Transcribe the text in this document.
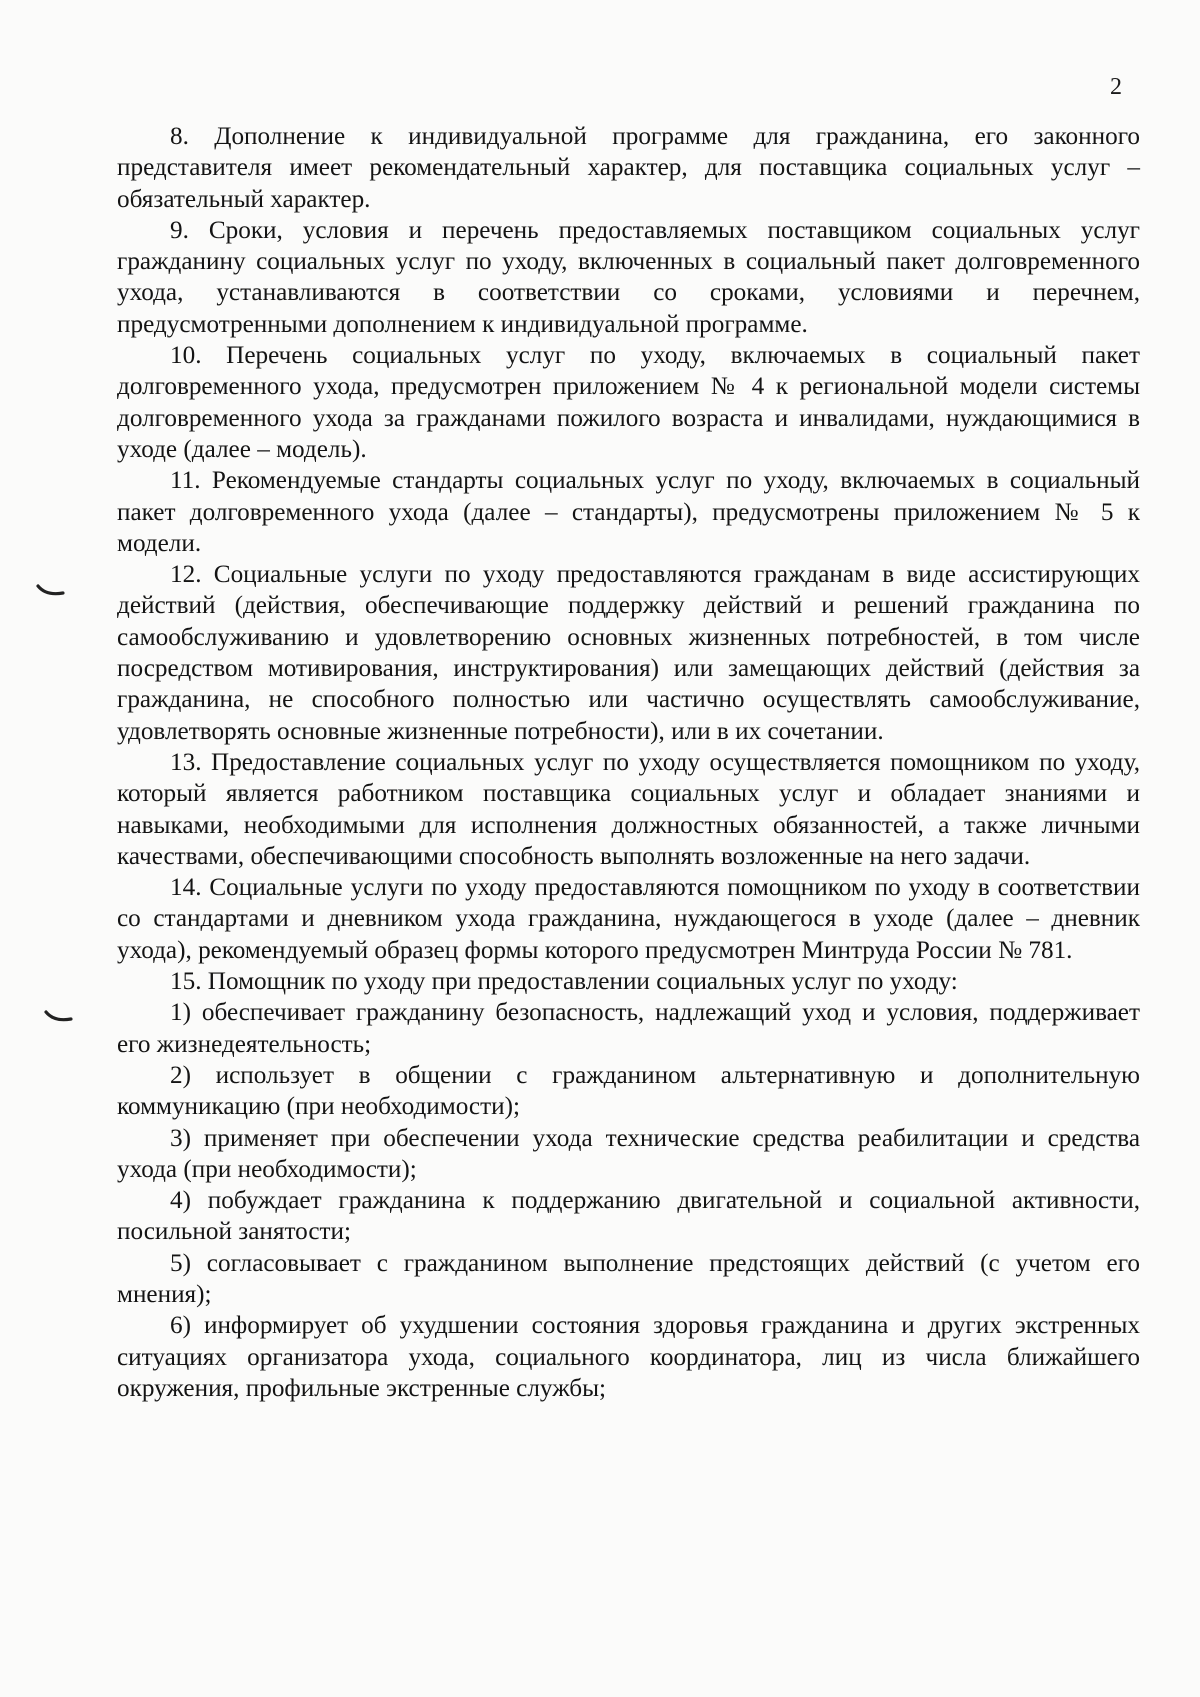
2

8. Дополнение к индивидуальной программе для гражданина, его законного представителя имеет рекомендательный характер, для поставщика социальных услуг – обязательный характер.

9. Сроки, условия и перечень предоставляемых поставщиком социальных услуг гражданину социальных услуг по уходу, включенных в социальный пакет долговременного ухода, устанавливаются в соответствии со сроками, условиями и перечнем, предусмотренными дополнением к индивидуальной программе.

10. Перечень социальных услуг по уходу, включаемых в социальный пакет долговременного ухода, предусмотрен приложением № 4 к региональной модели системы долговременного ухода за гражданами пожилого возраста и инвалидами, нуждающимися в уходе (далее – модель).

11. Рекомендуемые стандарты социальных услуг по уходу, включаемых в социальный пакет долговременного ухода (далее – стандарты), предусмотрены приложением № 5 к модели.

12. Социальные услуги по уходу предоставляются гражданам в виде ассистирующих действий (действия, обеспечивающие поддержку действий и решений гражданина по самообслуживанию и удовлетворению основных жизненных потребностей, в том числе посредством мотивирования, инструктирования) или замещающих действий (действия за гражданина, не способного полностью или частично осуществлять самообслуживание, удовлетворять основные жизненные потребности), или в их сочетании.

13. Предоставление социальных услуг по уходу осуществляется помощником по уходу, который является работником поставщика социальных услуг и обладает знаниями и навыками, необходимыми для исполнения должностных обязанностей, а также личными качествами, обеспечивающими способность выполнять возложенные на него задачи.

14. Социальные услуги по уходу предоставляются помощником по уходу в соответствии со стандартами и дневником ухода гражданина, нуждающегося в уходе (далее – дневник ухода), рекомендуемый образец формы которого предусмотрен Минтруда России № 781.

15. Помощник по уходу при предоставлении социальных услуг по уходу:

1) обеспечивает гражданину безопасность, надлежащий уход и условия, поддерживает его жизнедеятельность;

2) использует в общении с гражданином альтернативную и дополнительную коммуникацию (при необходимости);

3) применяет при обеспечении ухода технические средства реабилитации и средства ухода (при необходимости);

4) побуждает гражданина к поддержанию двигательной и социальной активности, посильной занятости;

5) согласовывает с гражданином выполнение предстоящих действий (с учетом его мнения);

6) информирует об ухудшении состояния здоровья гражданина и других экстренных ситуациях организатора ухода, социального координатора, лиц из числа ближайшего окружения, профильные экстренные службы;
